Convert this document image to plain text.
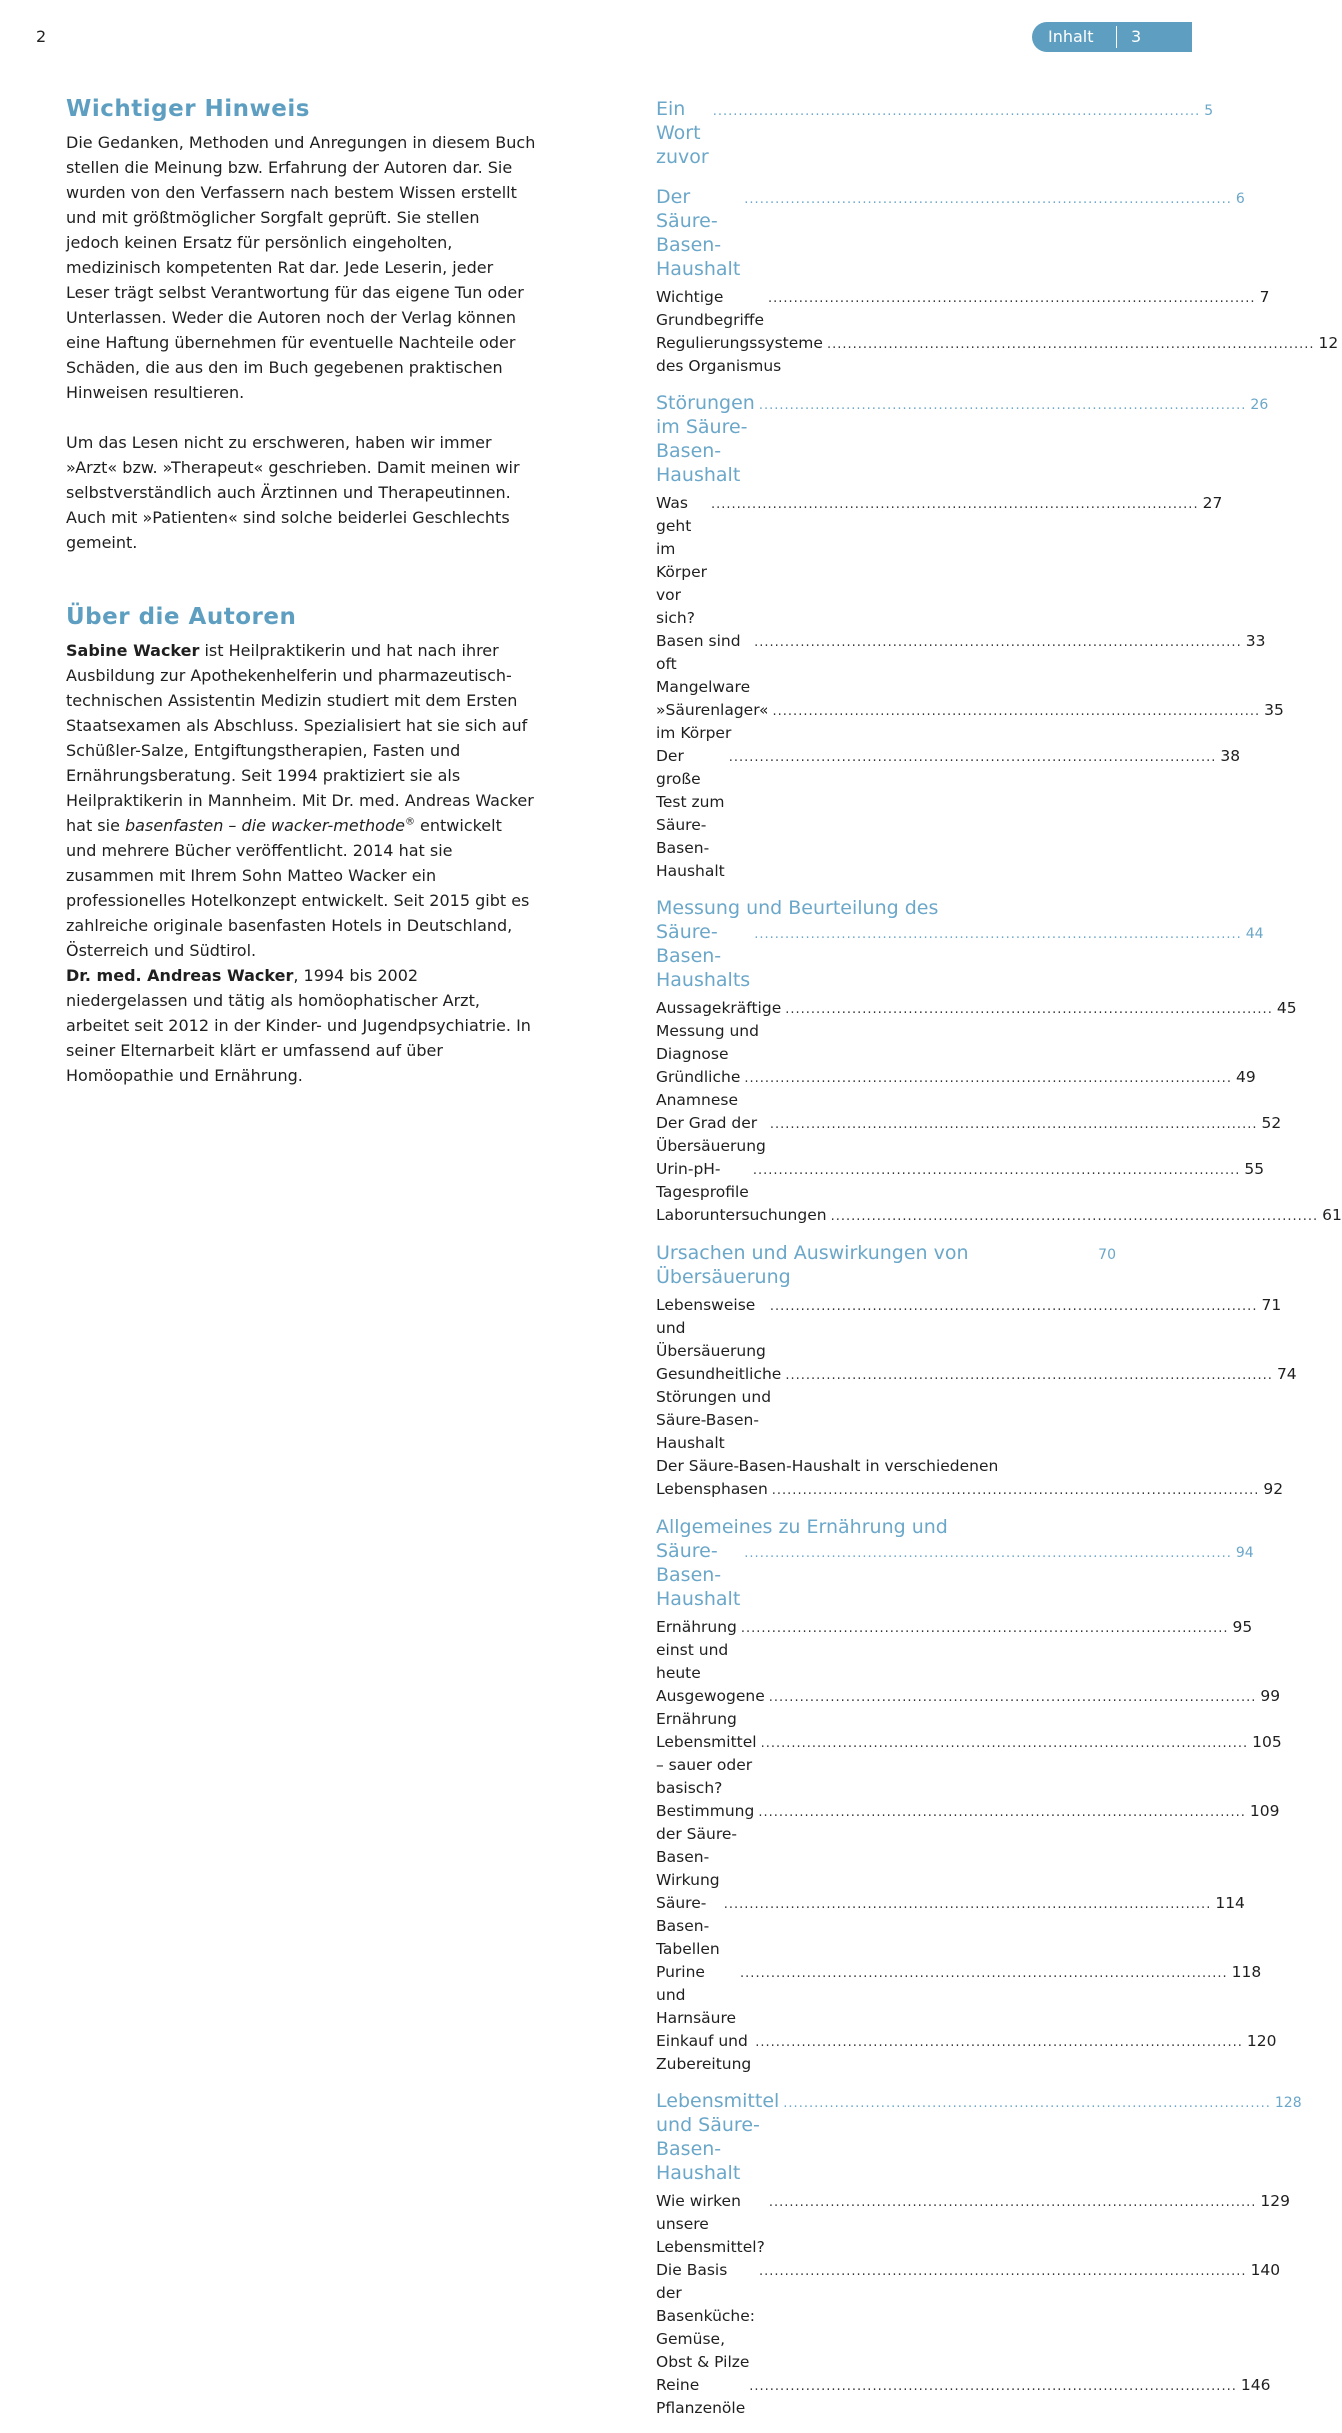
2	Inhalt 3
Wichtiger Hinweis

Die Gedanken, Methoden und Anregungen in diesem Buch stellen die Meinung bzw. Erfahrung der Autoren dar. Sie wurden von den Verfassern nach bestem Wissen erstellt und mit größtmöglicher Sorgfalt geprüft. Sie stellen jedoch keinen Ersatz für persönlich eingeholten, medizinisch kompetenten Rat dar. Jede Leserin, jeder Leser trägt selbst Verantwortung für das eigene Tun oder Unterlassen. Weder die Autoren noch der Verlag können eine Haftung übernehmen für eventuelle Nachteile oder Schäden, die aus den im Buch gegebenen praktischen Hinweisen resultieren.

Um das Lesen nicht zu erschweren, haben wir immer »Arzt« bzw. »Therapeut« geschrieben. Damit meinen wir selbstverständlich auch Ärztinnen und Therapeutinnen. Auch mit »Patienten« sind solche beiderlei Geschlechts gemeint.

Über die Autoren

Sabine Wacker ist Heilpraktikerin und hat nach ihrer Ausbildung zur Apothekenhelferin und pharmazeutisch-technischen Assistentin Medizin studiert mit dem Ersten Staatsexamen als Abschluss. Spezialisiert hat sie sich auf Schüßler-Salze, Entgiftungstherapien, Fasten und Ernährungsberatung. Seit 1994 praktiziert sie als Heilpraktikerin in Mannheim. Mit Dr. med. Andreas Wacker hat sie basenfasten – die wacker-methode® entwickelt und mehrere Bücher veröffentlicht. 2014 hat sie zusammen mit Ihrem Sohn Matteo Wacker ein professionelles Hotelkonzept entwickelt. Seit 2015 gibt es zahlreiche originale basenfasten Hotels in Deutschland, Österreich und Südtirol.

Dr. med. Andreas Wacker, 1994 bis 2002 niedergelassen und tätig als homöophatischer Arzt, arbeitet seit 2012 in der Kinder- und Jugendpsychiatrie. In seiner Elternarbeit klärt er umfassend auf über Homöopathie und Ernährung.

Ein Wort zuvor
............................................................................................... 5
Der Säure-Basen-Haushalt
............................................................................................... 6
Wichtige Grundbegriffe
............................................................................................... 7
Regulierungssysteme des Organismus
............................................................................................... 12
Störungen im Säure-Basen-Haushalt
............................................................................................... 26
Was geht im Körper vor sich?
............................................................................................... 27
Basen sind oft Mangelware
............................................................................................... 33
»Säurenlager« im Körper
............................................................................................... 35
Der große Test zum Säure-Basen-Haushalt
............................................................................................... 38
Messung und Beurteilung des
Säure-Basen-Haushalts
............................................................................................... 44
Aussagekräftige Messung und Diagnose
............................................................................................... 45
Gründliche Anamnese
............................................................................................... 49
Der Grad der Übersäuerung
............................................................................................... 52
Urin-pH-Tagesprofile
............................................................................................... 55
Laboruntersuchungen ............................................................................................... 61
Ursachen und Auswirkungen von Übersäuerung
70
Lebensweise und Übersäuerung
............................................................................................... 71
Gesundheitliche Störungen und Säure-Basen-Haushalt
............................................................................................... 74
Der Säure-Basen-Haushalt in verschiedenen
Lebensphasen ............................................................................................... 92
Allgemeines zu Ernährung und
Säure-Basen-Haushalt
............................................................................................... 94
Ernährung einst und heute
............................................................................................... 95
Ausgewogene Ernährung
............................................................................................... 99
Lebensmittel – sauer oder basisch?
............................................................................................... 105
Bestimmung der Säure-Basen-Wirkung
............................................................................................... 109
Säure-Basen-Tabellen
............................................................................................... 114
Purine und Harnsäure
............................................................................................... 118
Einkauf und Zubereitung
............................................................................................... 120
Lebensmittel und Säure-Basen-Haushalt
............................................................................................... 128
Wie wirken unsere Lebensmittel?
............................................................................................... 129
Die Basis der Basenküche: Gemüse, Obst & Pilze
............................................................................................... 140
Reine Pflanzenöle
............................................................................................... 146
